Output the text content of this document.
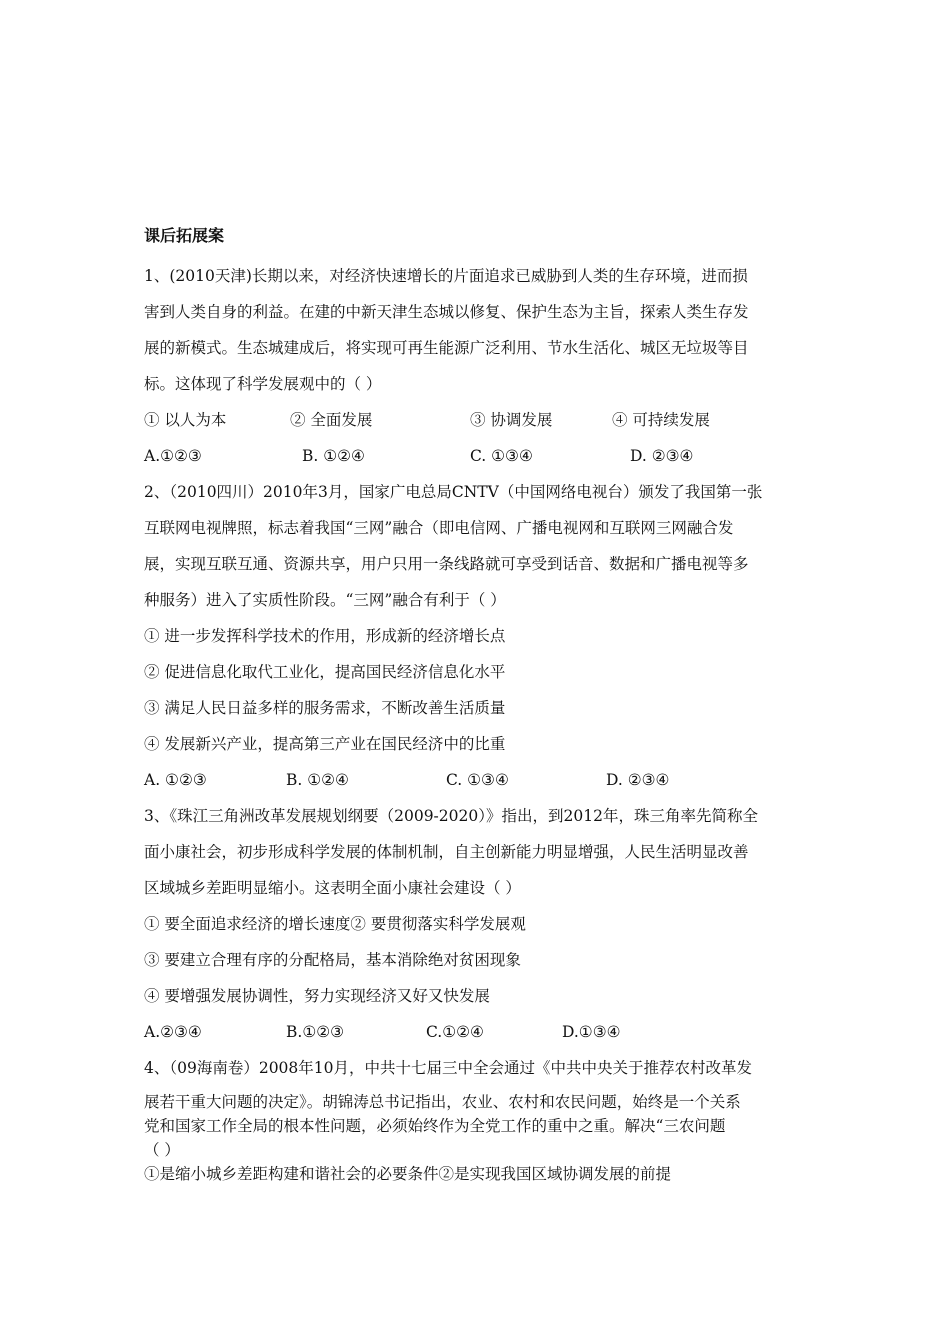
课后拓展案

1、(2010天津)长期以来，对经济快速增长的片面追求已威胁到人类的生存环境，进而损

害到人类自身的利益。在建的中新天津生态城以修复、保护生态为主旨，探索人类生存发

展的新模式。生态城建成后，将实现可再生能源广泛利用、节水生活化、城区无垃圾等目

标。这体现了科学发展观中的（ ）

① 以人为本	② 全面发展	③ 协调发展	④ 可持续发展
A.①②③	B. ①②④	C. ①③④	D. ②③④

2、（2010四川）2010年3月，国家广电总局CNTV（中国网络电视台）颁发了我国第一张

互联网电视牌照，标志着我国“三网”融合（即电信网、广播电视网和互联网三网融合发

展，实现互联互通、资源共享，用户只用一条线路就可享受到话音、数据和广播电视等多

种服务）进入了实质性阶段。“三网”融合有利于（ ）

① 进一步发挥科学技术的作用，形成新的经济增长点

② 促进信息化取代工业化，提高国民经济信息化水平

③ 满足人民日益多样的服务需求，不断改善生活质量

④ 发展新兴产业，提高第三产业在国民经济中的比重

A. ①②③	B. ①②④	C. ①③④	D. ②③④

3、《珠江三角洲改革发展规划纲要（2009-2020）》指出，到2012年，珠三角率先简称全

面小康社会，初步形成科学发展的体制机制，自主创新能力明显增强，人民生活明显改善

区域城乡差距明显缩小。这表明全面小康社会建设（ ）

① 要全面追求经济的增长速度② 要贯彻落实科学发展观

③ 要建立合理有序的分配格局，基本消除绝对贫困现象

④ 要增强发展协调性，努力实现经济又好又快发展

A.②③④	B.①②③	C.①②④	D.①③④

4、（09海南卷）2008年10月，中共十七届三中全会通过《中共中央关于推荐农村改革发

展若干重大问题的决定》。胡锦涛总书记指出，农业、农村和农民问题，始终是一个关系

党和国家工作全局的根本性问题，必须始终作为全党工作的重中之重。解决“三农问题

（ ）

①是缩小城乡差距构建和谐社会的必要条件②是实现我国区域协调发展的前提
